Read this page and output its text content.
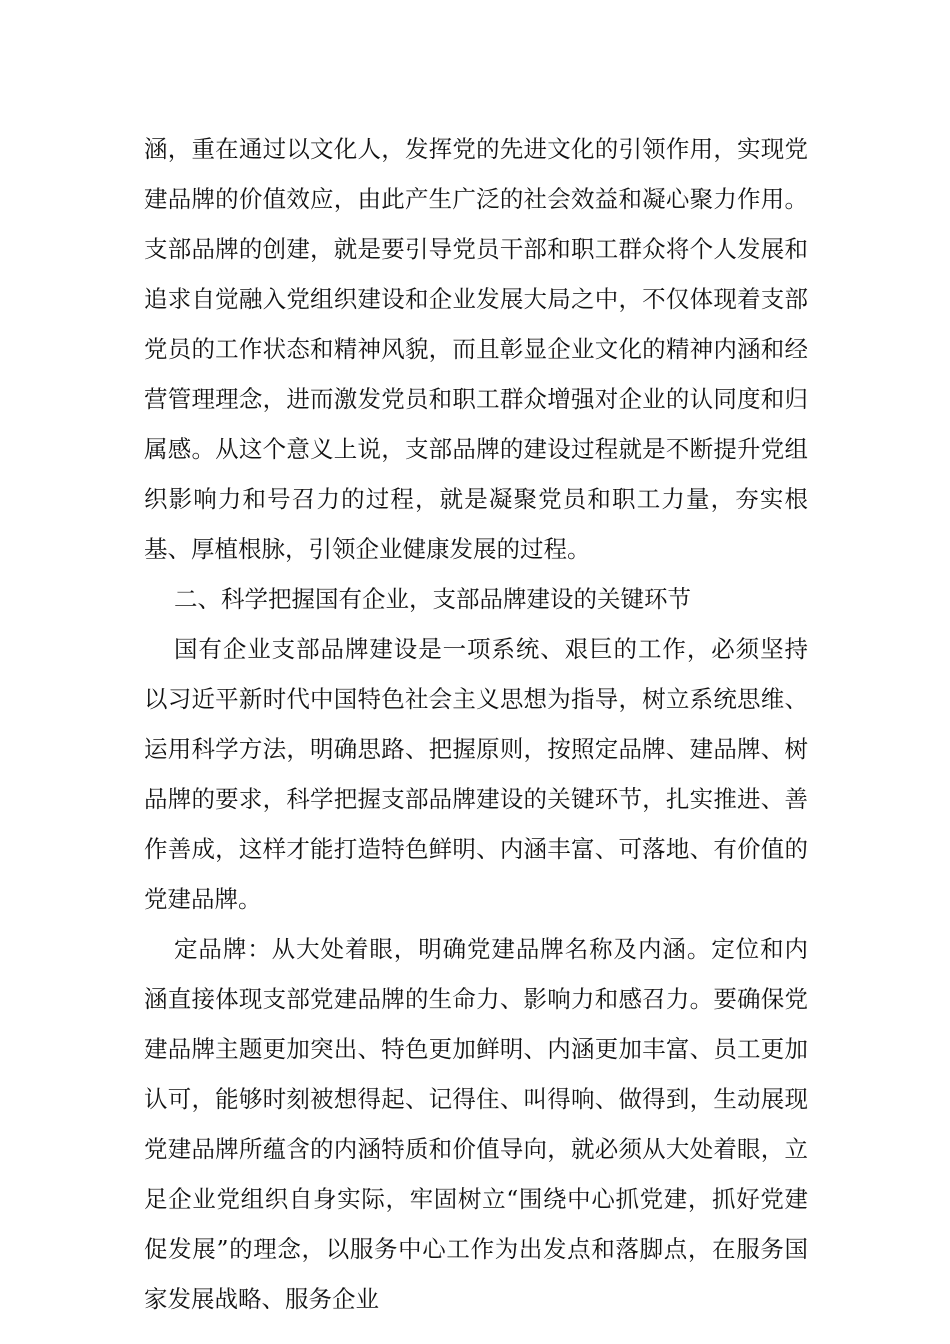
涵，重在通过以文化人，发挥党的先进文化的引领作用，实现党建品牌的价值效应，由此产生广泛的社会效益和凝心聚力作用。支部品牌的创建，就是要引导党员干部和职工群众将个人发展和追求自觉融入党组织建设和企业发展大局之中，不仅体现着支部党员的工作状态和精神风貌，而且彰显企业文化的精神内涵和经营管理理念，进而激发党员和职工群众增强对企业的认同度和归属感。从这个意义上说，支部品牌的建设过程就是不断提升党组织影响力和号召力的过程，就是凝聚党员和职工力量，夯实根基、厚植根脉，引领企业健康发展的过程。

二、科学把握国有企业，支部品牌建设的关键环节

国有企业支部品牌建设是一项系统、艰巨的工作，必须坚持以习近平新时代中国特色社会主义思想为指导，树立系统思维、运用科学方法，明确思路、把握原则，按照定品牌、建品牌、树品牌的要求，科学把握支部品牌建设的关键环节，扎实推进、善作善成，这样才能打造特色鲜明、内涵丰富、可落地、有价值的党建品牌。

定品牌：从大处着眼，明确党建品牌名称及内涵。定位和内涵直接体现支部党建品牌的生命力、影响力和感召力。要确保党建品牌主题更加突出、特色更加鲜明、内涵更加丰富、员工更加认可，能够时刻被想得起、记得住、叫得响、做得到，生动展现党建品牌所蕴含的内涵特质和价值导向，就必须从大处着眼，立足企业党组织自身实际，牢固树立“围绕中心抓党建，抓好党建促发展”的理念，以服务中心工作为出发点和落脚点，在服务国家发展战略、服务企业
